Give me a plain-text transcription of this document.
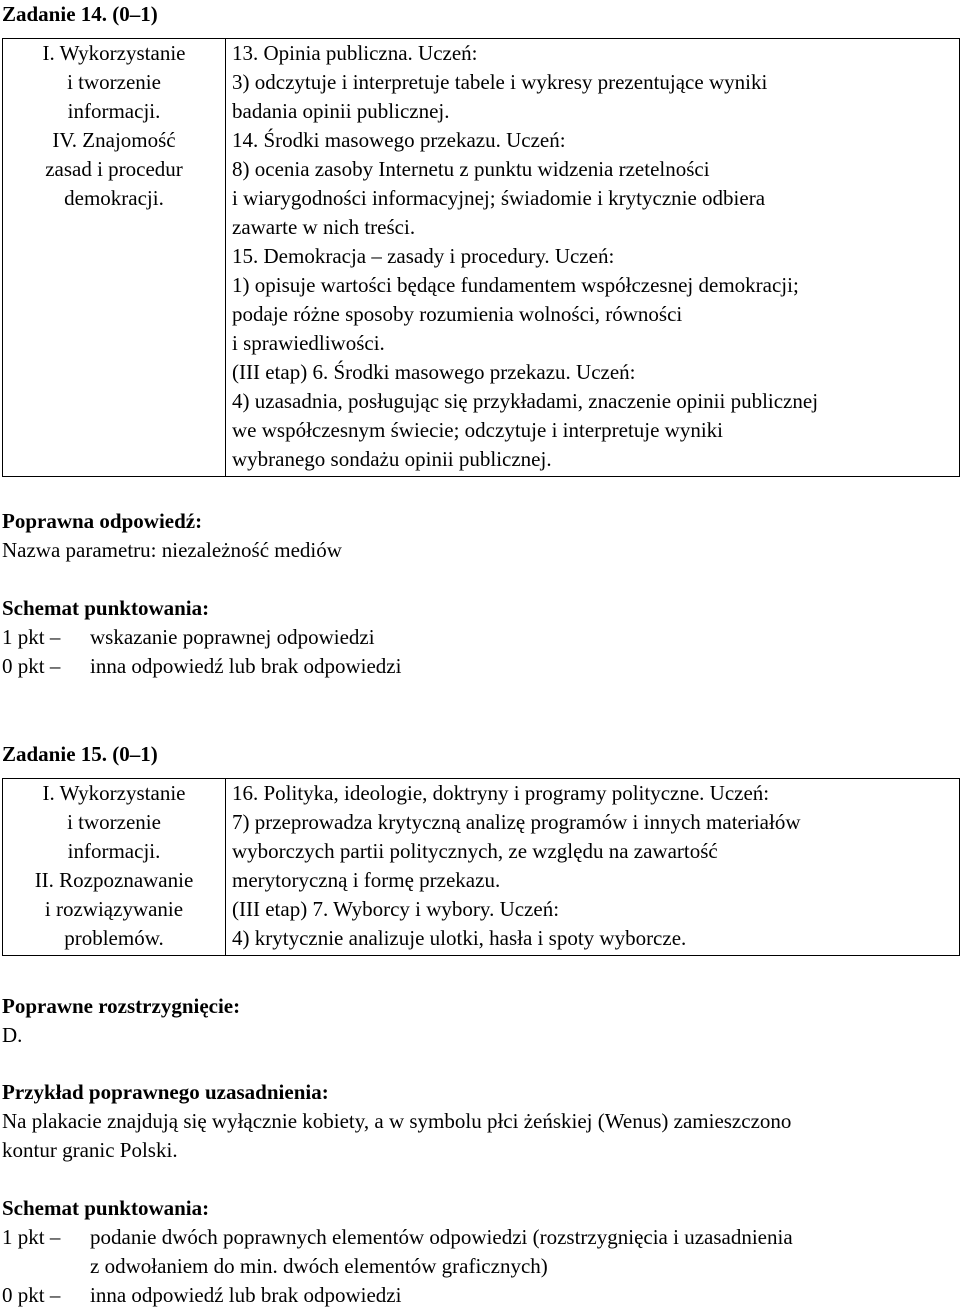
Zadanie 14. (0–1)
I. Wykorzystanie
i tworzenie
informacji.
IV. Znajomość
zasad i procedur
demokracji.

13. Opinia publiczna. Uczeń:
3) odczytuje i interpretuje tabele i wykresy prezentujące wyniki
badania opinii publicznej.
14. Środki masowego przekazu. Uczeń:
8) ocenia zasoby Internetu z punktu widzenia rzetelności
i wiarygodności informacyjnej; świadomie i krytycznie odbiera
zawarte w nich treści.
15. Demokracja – zasady i procedury. Uczeń:
1) opisuje wartości będące fundamentem współczesnej demokracji;
podaje różne sposoby rozumienia wolności, równości
i sprawiedliwości.
(III etap) 6. Środki masowego przekazu. Uczeń:
4) uzasadnia, posługując się przykładami, znaczenie opinii publicznej
we współczesnym świecie; odczytuje i interpretuje wyniki
wybranego sondażu opinii publicznej.
Poprawna odpowiedź:
Nazwa parametru: niezależność mediów
Schemat punktowania:
1 pkt –	wskazanie poprawnej odpowiedzi
0 pkt –	inna odpowiedź lub brak odpowiedzi
Zadanie 15. (0–1)
I. Wykorzystanie
i tworzenie
informacji.
II. Rozpoznawanie
i rozwiązywanie
problemów.

16. Polityka, ideologie, doktryny i programy polityczne. Uczeń:
7) przeprowadza krytyczną analizę programów i innych materiałów
wyborczych partii politycznych, ze względu na zawartość
merytoryczną i formę przekazu.
(III etap) 7. Wyborcy i wybory. Uczeń:
4) krytycznie analizuje ulotki, hasła i spoty wyborcze.
Poprawne rozstrzygnięcie:
D.
Przykład poprawnego uzasadnienia:
Na plakacie znajdują się wyłącznie kobiety, a w symbolu płci żeńskiej (Wenus) zamieszczono
kontur granic Polski.
Schemat punktowania:
1 pkt –	podanie dwóch poprawnych elementów odpowiedzi (rozstrzygnięcia i uzasadnienia
z odwołaniem do min. dwóch elementów graficznych)
0 pkt –	inna odpowiedź lub brak odpowiedzi
